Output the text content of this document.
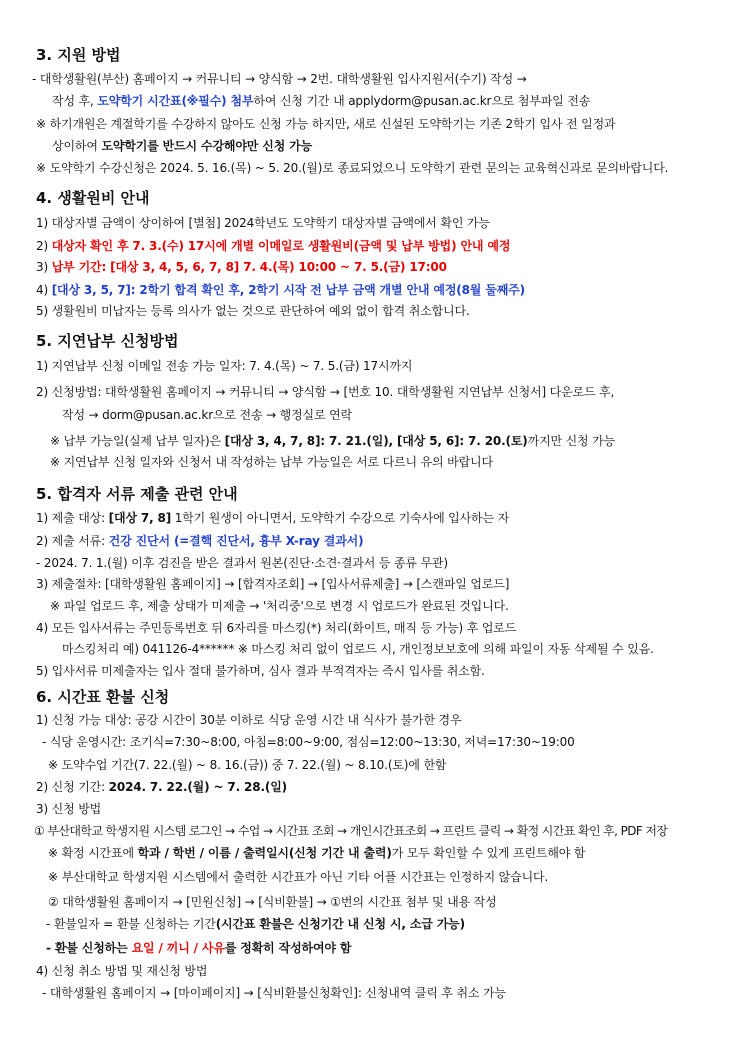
3. 지원 방법
- 대학생활원(부산) 홈페이지 → 커뮤니티 → 양식함 → 2번. 대학생활원 입사지원서(수기) 작성 →
작성 후, 도약학기 시간표(※필수) 첨부하여 신청 기간 내 applydorm@pusan.ac.kr으로 첨부파일 전송
※ 하기개원은 계절학기를 수강하지 않아도 신청 가능 하지만, 새로 신설된 도약학기는 기존 2학기 입사 전 일정과
상이하여 도약학기를 반드시 수강해야만 신청 가능
※ 도약학기 수강신청은 2024. 5. 16.(목) ~ 5. 20.(월)로 종료되었으니 도약학기 관련 문의는 교육혁신과로 문의바랍니다.
4. 생활원비 안내
1) 대상자별 금액이 상이하여 [별첨] 2024학년도 도약학기 대상자별 금액에서 확인 가능
2) 대상자 확인 후 7. 3.(수) 17시에 개별 이메일로 생활원비(금액 및 납부 방법) 안내 예정
3) 납부 기간: [대상 3, 4, 5, 6, 7, 8] 7. 4.(목) 10:00 ~ 7. 5.(금) 17:00
4) [대상 3, 5, 7]: 2학기 합격 확인 후, 2학기 시작 전 납부 금액 개별 안내 예정(8월 둘째주)
5) 생활원비 미납자는 등록 의사가 없는 것으로 판단하여 예외 없이 합격 취소합니다.
5. 지연납부 신청방법
1) 지연납부 신청 이메일 전송 가능 일자: 7. 4.(목) ~ 7. 5.(금) 17시까지
2) 신청방법: 대학생활원 홈페이지 → 커뮤니티 → 양식함 → [번호 10. 대학생활원 지연납부 신청서] 다운로드 후,
작성 → dorm@pusan.ac.kr으로 전송 → 행정실로 연락
※ 납부 가능일(실제 납부 일자)은 [대상 3, 4, 7, 8]: 7. 21.(일), [대상 5, 6]: 7. 20.(토)까지만 신청 가능
※ 지연납부 신청 일자와 신청서 내 작성하는 납부 가능일은 서로 다르니 유의 바랍니다
5. 합격자 서류 제출 관련 안내
1) 제출 대상: [대상 7, 8] 1학기 원생이 아니면서, 도약학기 수강으로 기숙사에 입사하는 자
2) 제출 서류: 건강 진단서 (=결핵 진단서, 흉부 X-ray 결과서)
- 2024. 7. 1.(월) 이후 검진을 받은 결과서 원본(진단·소견·결과서 등 종류 무관)
3) 제출절차: [대학생활원 홈페이지] → [합격자조회] → [입사서류제출] → [스캔파일 업로드]
※ 파일 업로드 후, 제출 상태가 미제출 → '처리중'으로 변경 시 업로드가 완료된 것입니다.
4) 모든 입사서류는 주민등록번호 뒤 6자리를 마스킹(*) 처리(화이트, 매직 등 가능) 후 업로드
마스킹처리 예) 041126-4****** ※ 마스킹 처리 없이 업로드 시, 개인정보보호에 의해 파일이 자동 삭제될 수 있음.
5) 입사서류 미제출자는 입사 절대 불가하며, 심사 결과 부적격자는 즉시 입사를 취소함.
6. 시간표 환불 신청
1) 신청 가능 대상: 공강 시간이 30분 이하로 식당 운영 시간 내 식사가 불가한 경우
- 식당 운영시간: 조기식=7:30~8:00, 아침=8:00~9:00, 점심=12:00~13:30, 저녁=17:30~19:00
※ 도약수업 기간(7. 22.(월) ~ 8. 16.(금)) 중 7. 22.(월) ~ 8.10.(토)에 한함
2) 신청 기간: 2024. 7. 22.(월) ~ 7. 28.(일)
3) 신청 방법
① 부산대학교 학생지원 시스템 로그인 → 수업 → 시간표 조회 → 개인시간표조회 → 프린트 클릭 → 확정 시간표 확인 후, PDF 저장
※ 확정 시간표에 학과 / 학번 / 이름 / 출력일시(신청 기간 내 출력)가 모두 확인할 수 있게 프린트해야 함
※ 부산대학교 학생지원 시스템에서 출력한 시간표가 아닌 기타 어플 시간표는 인정하지 않습니다.
② 대학생활원 홈페이지 → [민원신청] → [식비환불] → ①번의 시간표 첨부 및 내용 작성
- 환불일자 = 환불 신청하는 기간(시간표 환불은 신청기간 내 신청 시, 소급 가능)
- 환불 신청하는 요일 / 끼니 / 사유를 정확히 작성하여야 함
4) 신청 취소 방법 및 재신청 방법
- 대학생활원 홈페이지 → [마이페이지] → [식비환불신청확인]: 신청내역 클릭 후 취소 가능
